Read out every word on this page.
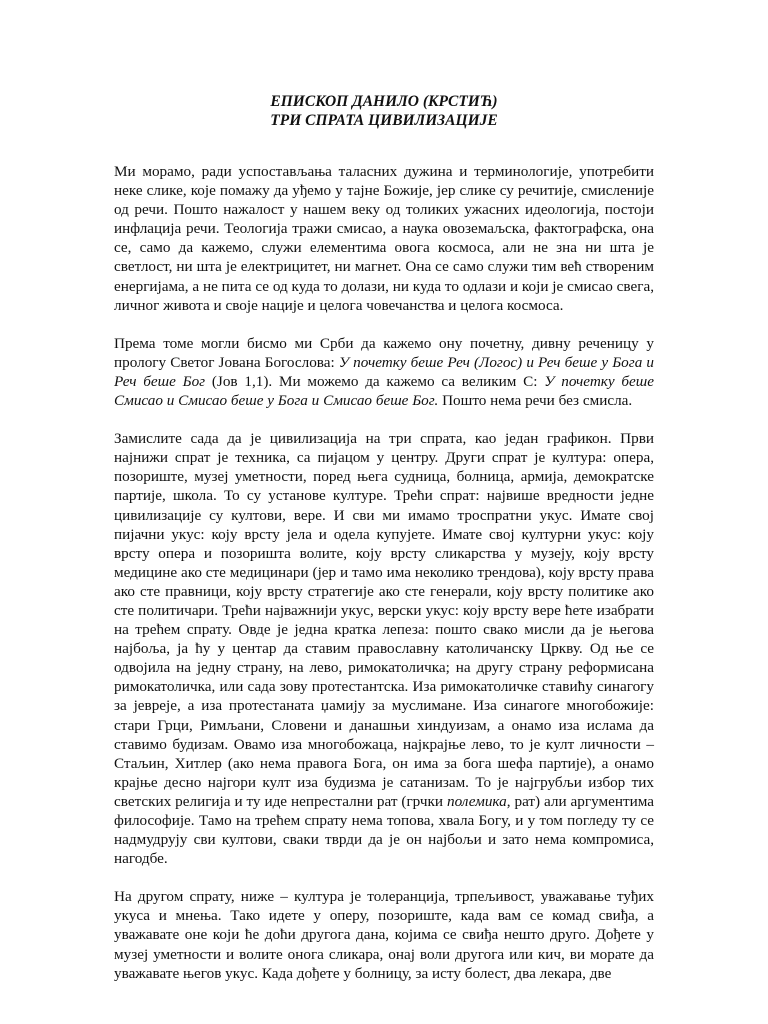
ЕПИСКОП ДАНИЛО (КРСТИЋ)
ТРИ СПРАТА ЦИВИЛИЗАЦИЈЕ

Ми морамо, ради успостављања таласних дужина и терминологије, употребити неке слике, које помажу да уђемо у тајне Божије, јер слике су речитије, смисленије од речи. Пошто нажалост у нашем веку од толиких ужасних идеологија, постоји инфлација речи. Теологија тражи смисао, а наука овоземаљска, фактографска, она се, само да кажемо, служи елементима овога космоса, али не зна ни шта је светлост, ни шта је електрицитет, ни магнет. Она се само служи тим већ створеним енергијама, а не пита се од куда то долази, ни куда то одлази и који је смисао свега, личног живота и своје нације и целога човечанства и целога космоса.

Према томе могли бисмо ми Срби да кажемо ону почетну, дивну реченицу у прологу Светог Јована Богослова: У почетку беше Реч (Логос) и Реч беше у Бога и Реч беше Бог (Јов 1,1). Ми можемо да кажемо са великим С: У почетку беше Смисао и Смисао беше у Бога и Смисао беше Бог. Пошто нема речи без смисла.

Замислите сада да је цивилизација на три спрата, као један графикон. Први најнижи спрат је техника, са пијацом у центру. Други спрат је култура: опера, позориште, музеј уметности, поред њега судница, болница, армија, демократске партије, школа. То су установе културе. Трећи спрат: највише вредности једне цивилизације су култови, вере. И сви ми имамо троспратни укус. Имате свој пијачни укус: коју врсту јела и одела купујете. Имате свој културни укус: коју врсту опера и позоришта волите, коју врсту сликарства у музеју, коју врсту медицине ако сте медицинари (јер и тамо има неколико трендова), коју врсту права ако сте правници, коју врсту стратегије ако сте генерали, коју врсту политике ако сте политичари. Трећи најважнији укус, верски укус: коју врсту вере ћете изабрати на трећем спрату. Овде је једна кратка лепеза: пошто свако мисли да је његова најбоља, ја ћу у центар да ставим православну католичанску Цркву. Од ње се одвојила на једну страну, на лево, римокатоличка; на другу страну реформисана римокатоличка, или сада зову протестантска. Иза римокатоличке ставићу синагогу за јевреје, а иза протестаната џамију за муслимане. Иза синагоге многобожије: стари Грци, Римљани, Словени и данашњи хиндуизам, а онамо иза ислама да ставимо будизам. Овамо иза многобожаца, најкрајње лево, то је култ личности – Стаљин, Хитлер (ако нема правога Бога, он има за бога шефа партије), а онамо крајње десно најгори култ иза будизма је сатанизам. То је најгрубљи избор тих светских религија и ту иде непрестални рат (грчки полемика, рат) али аргументима философије. Тамо на трећем спрату нема топова, хвала Богу, и у том погледу ту се надмудрују сви култови, сваки тврди да је он најбољи и зато нема компромиса, нагодбе.

На другом спрату, ниже – култура је толеранција, трпељивост, уважавање туђих укуса и мнења. Тако идете у оперу, позориште, када вам се комад свиђа, а уважавате оне који ће доћи другога дана, којима се свиђа нешто друго. Дођете у музеј уметности и волите онога сликара, онај воли другога или кич, ви морате да уважавате његов укус. Када дођете у болницу, за исту болест, два лекара, две
